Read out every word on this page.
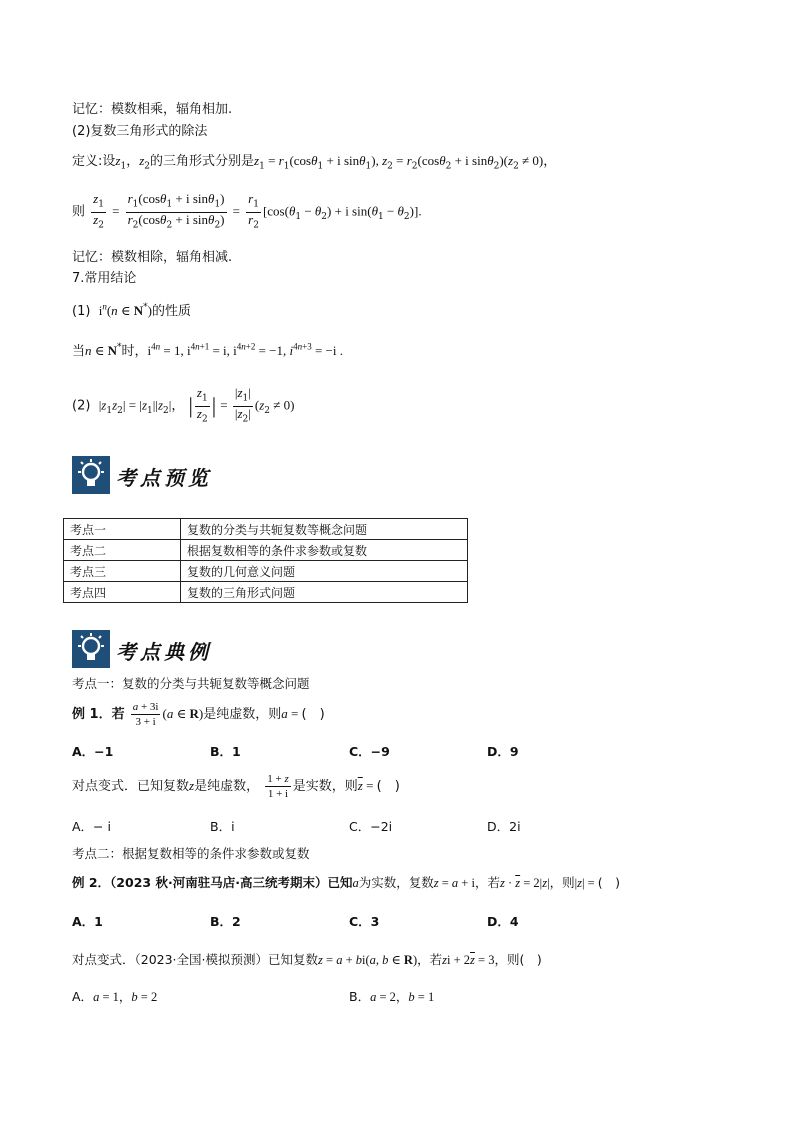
记忆：模数相乘，辐角相加.
(2)复数三角形式的除法
定义:设$z_1$，$z_2$的三角形式分别是$z_1 = r_1(\cos\theta_1 + i$ sinθ$_1$), $z_2 = r_2(\cos\theta_2 + i$ $\sin\theta_2)(z_2 \ne 0)$，
则 $\frac{z_1}{z_2} = \frac{r_1(\cos\theta_1 + i \sin\theta_1)}{r_2(\cos\theta_2 + i \sin\theta_2)} = \frac{r_1}{r_2} [\cos(\theta_1 - \theta_2) + i$ $\sin(\theta_1 - \theta_2)$].
记忆：模数相除，辐角相减.
7.常用结论
(1) $i^n(n$ ∈ N*)的性质
当n ∈ N*时，$i^{4n} = 1$, $i^{4n+1} = i$, $i^{4n+2} = -1$, $i^{4n+3} = -i$ .
(2) $|z_1z_2| = |z_1||z_2|$， | $\frac{z_1}{z_2}$ | = $\frac{|z_1|}{|z_2|} (z_2 \ne 0)$
考点预览
考点一	复数的分类与共轭复数等概念问题
考点二	根据复数相等的条件求参数或复数
考点三	复数的几何意义问题
考点四	复数的三角形式问题
考点典例
考点一：复数的分类与共轭复数等概念问题
例 1．若 $\frac{a + 3i}{3 + i} (a$ ∈ R)是纯虚数，则a = (　)
A．−1	B．1	C．−9	D．9
对点变式．已知复数z是纯虚数， $\frac{1 + z}{1 + i}$ 是实数，则$\overline{z}$ = (　)
A．− i	B．i	C．−2i	D．2i
考点二：根据复数相等的条件求参数或复数
例 2．（2023 秋·河南驻马店·高三统考期末）已知a为实数，复数z = a + i，若$z \cdot \overline{z} = 2|z|$，则|z| = (　)
A．1	B．2	C．3	D．4
对点变式．（2023·全国·模拟预测）已知复数z = a + bi(a, b ∈ R)，若zi + $2\overline{z} = 3$，则(　)
A．a = 1，b = 2	B．a = 2，b = 1
